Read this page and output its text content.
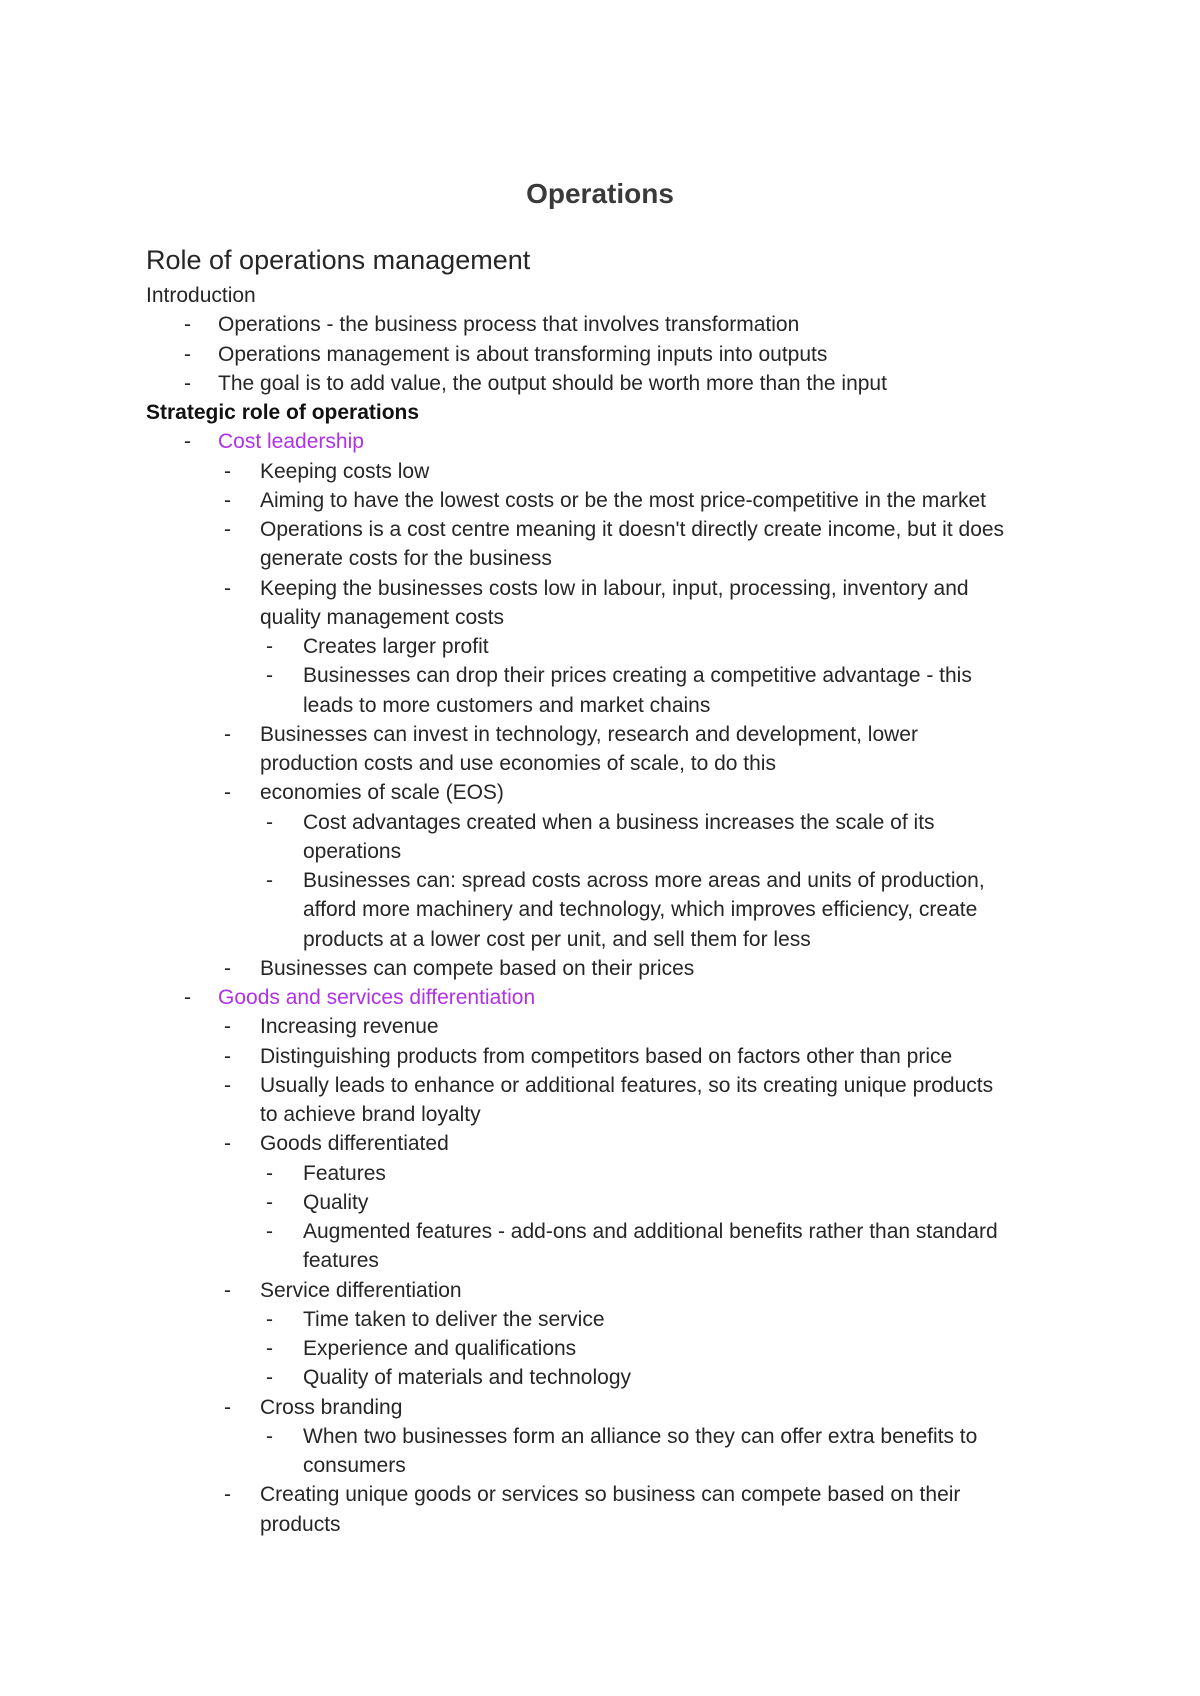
Operations
Role of operations management
Introduction
-	Operations - the business process that involves transformation
-	Operations management is about transforming inputs into outputs
-	The goal is to add value, the output should be worth more than the input
Strategic role of operations
-	Cost leadership
-	Keeping costs low
-	Aiming to have the lowest costs or be the most price-competitive in the market
-	Operations is a cost centre meaning it doesn't directly create income, but it does
generate costs for the business
-	Keeping the businesses costs low in labour, input, processing, inventory and
quality management costs
-	Creates larger profit
-	Businesses can drop their prices creating a competitive advantage - this
leads to more customers and market chains
-	Businesses can invest in technology, research and development, lower
production costs and use economies of scale, to do this
-	economies of scale (EOS)
-	Cost advantages created when a business increases the scale of its
operations
-	Businesses can: spread costs across more areas and units of production,
afford more machinery and technology, which improves efficiency, create
products at a lower cost per unit, and sell them for less
-	Businesses can compete based on their prices
-	Goods and services differentiation
-	Increasing revenue
-	Distinguishing products from competitors based on factors other than price
-	Usually leads to enhance or additional features, so its creating unique products
to achieve brand loyalty
-	Goods differentiated
-	Features
-	Quality
-	Augmented features - add-ons and additional benefits rather than standard
features
-	Service differentiation
-	Time taken to deliver the service
-	Experience and qualifications
-	Quality of materials and technology
-	Cross branding
-	When two businesses form an alliance so they can offer extra benefits to
consumers
-	Creating unique goods or services so business can compete based on their
products
